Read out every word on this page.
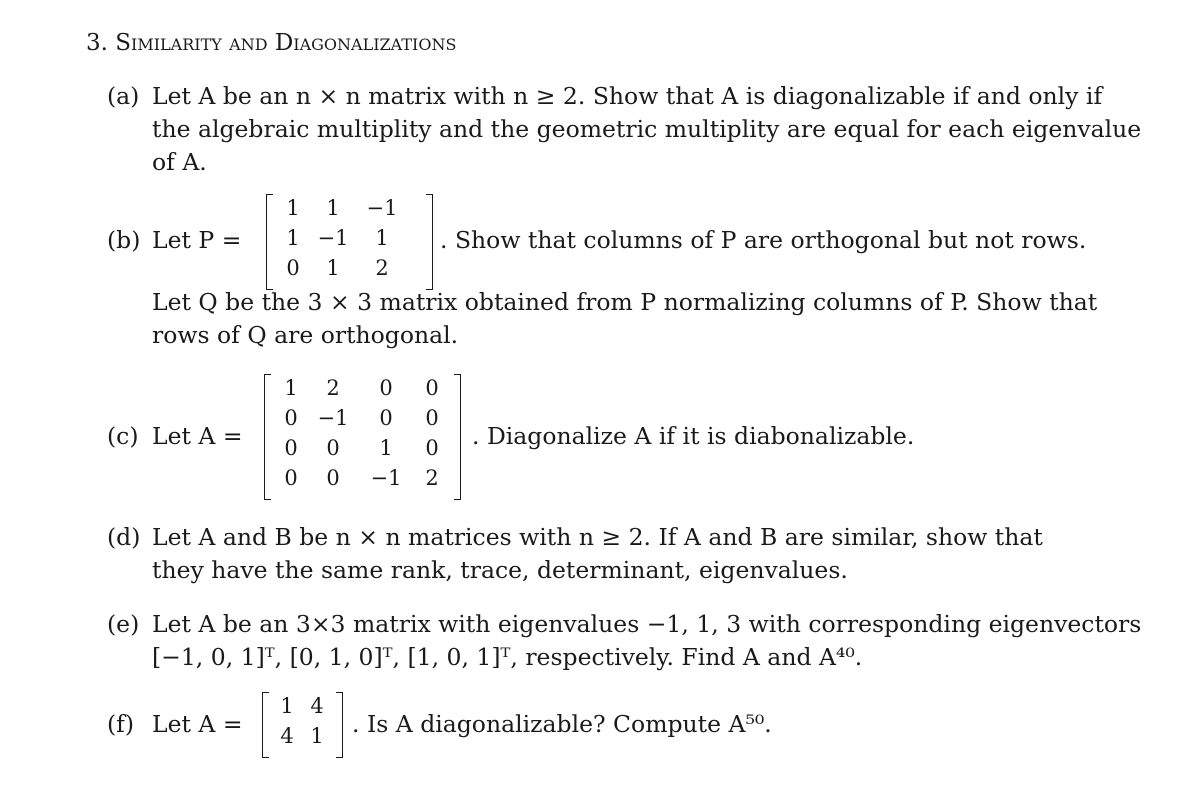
3. Similarity and Diagonalizations
(a) Let A be an n × n matrix with n ≥ 2. Show that A is diagonalizable if and only if
the algebraic multiplity and the geometric multiplity are equal for each eigenvalue
of A.
(b) Let P =
1	1	−1
1 −1	1
0	1	2
. Show that columns of P are orthogonal but not rows.
Let Q be the 3 × 3 matrix obtained from P normalizing columns of P. Show that
rows of Q are orthogonal.
(c) Let A =
1	2	0	0
0 −1	0	0
0	0	1	0
0	0	−1	2
. Diagonalize A if it is diabonalizable.
(d) Let A and B be n × n matrices with n ≥ 2. If A and B are similar, show that
they have the same rank, trace, determinant, eigenvalues.
(e) Let A be an 3×3 matrix with eigenvalues −1, 1, 3 with corresponding eigenvectors
[−1, 0, 1]ᵀ, [0, 1, 0]ᵀ, [1, 0, 1]ᵀ, respectively. Find A and A⁴⁰.
(f) Let A =
1 4
4 1	. Is A diagonalizable? Compute A⁵⁰.
